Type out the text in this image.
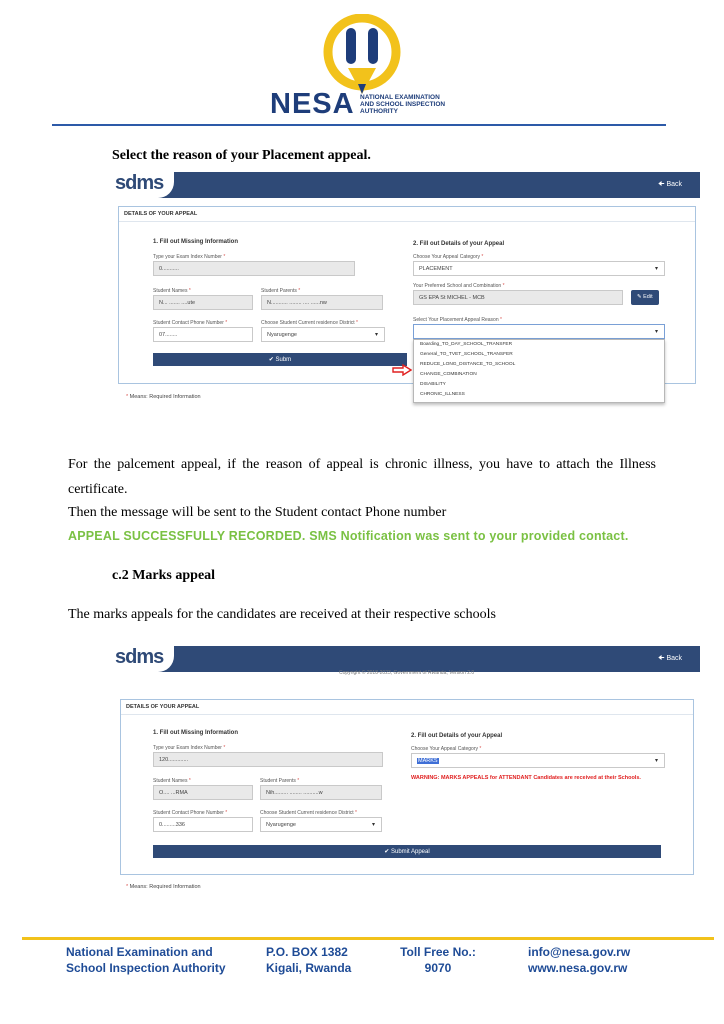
NESA NATIONAL EXAMINATION
AND SCHOOL INSPECTION
AUTHORITY
Select the reason of your Placement appeal.
sdms	🠈 Back
DETAILS OF YOUR APPEAL
1. Fill out Missing Information
Type your Exam Index Number *
0...........
Student Names *
N... ....... ....ute
Student Parents *
N........... ........ .... ......nw
Student Contact Phone Number *
07........
Choose Student Current residence District *
Nyarugenge	▾
2. Fill out Details of your Appeal
Choose Your Appeal Category *
PLACEMENT	▾
Your Preferred School and Combination *
GS EPA St MICHEL - MCB	✎ Edit
Select Your Placement Appeal Reason *
▾
✔ Subm
Boarding_TO_DAY_SCHOOL_TRANSFER
General_TO_TVET_SCHOOL_TRANSFER
REDUCE_LONG_DISTANCE_TO_SCHOOL
CHANGE_COMBINATION
DISABILITY
CHRONIC_ILLNESS
* Means: Required Information
For the palcement appeal, if the reason of appeal is chronic illness, you have to attach the Illness certificate.
Then the message will be sent to the Student contact Phone number
APPEAL SUCCESSFULLY RECORDED. SMS Notification was sent to your provided contact.
c.2 Marks appeal
The marks appeals for the candidates are received at their respective schools
sdms	🠈 Back
Copyright © 2018-2023, Government of Rwanda, Version 2.0
DETAILS OF YOUR APPEAL
1. Fill out Missing Information
Type your Exam Index Number *
120.............
Student Names *
O.... ...RMA
Student Parents *
Nih......... ........ ..........w
Student Contact Phone Number *
0.........336
Choose Student Current residence District *
Nyarugenge	▾
2. Fill out Details of your Appeal
Choose Your Appeal Category *
MARKS	▾
WARNING: MARKS APPEALS for ATTENDANT Candidates are received at their Schools.
✔ Submit Appeal
* Means: Required Information
National Examination and
School Inspection Authority
P.O. BOX 1382
Kigali, Rwanda
Toll Free No.:
9070
info@nesa.gov.rw
www.nesa.gov.rw
